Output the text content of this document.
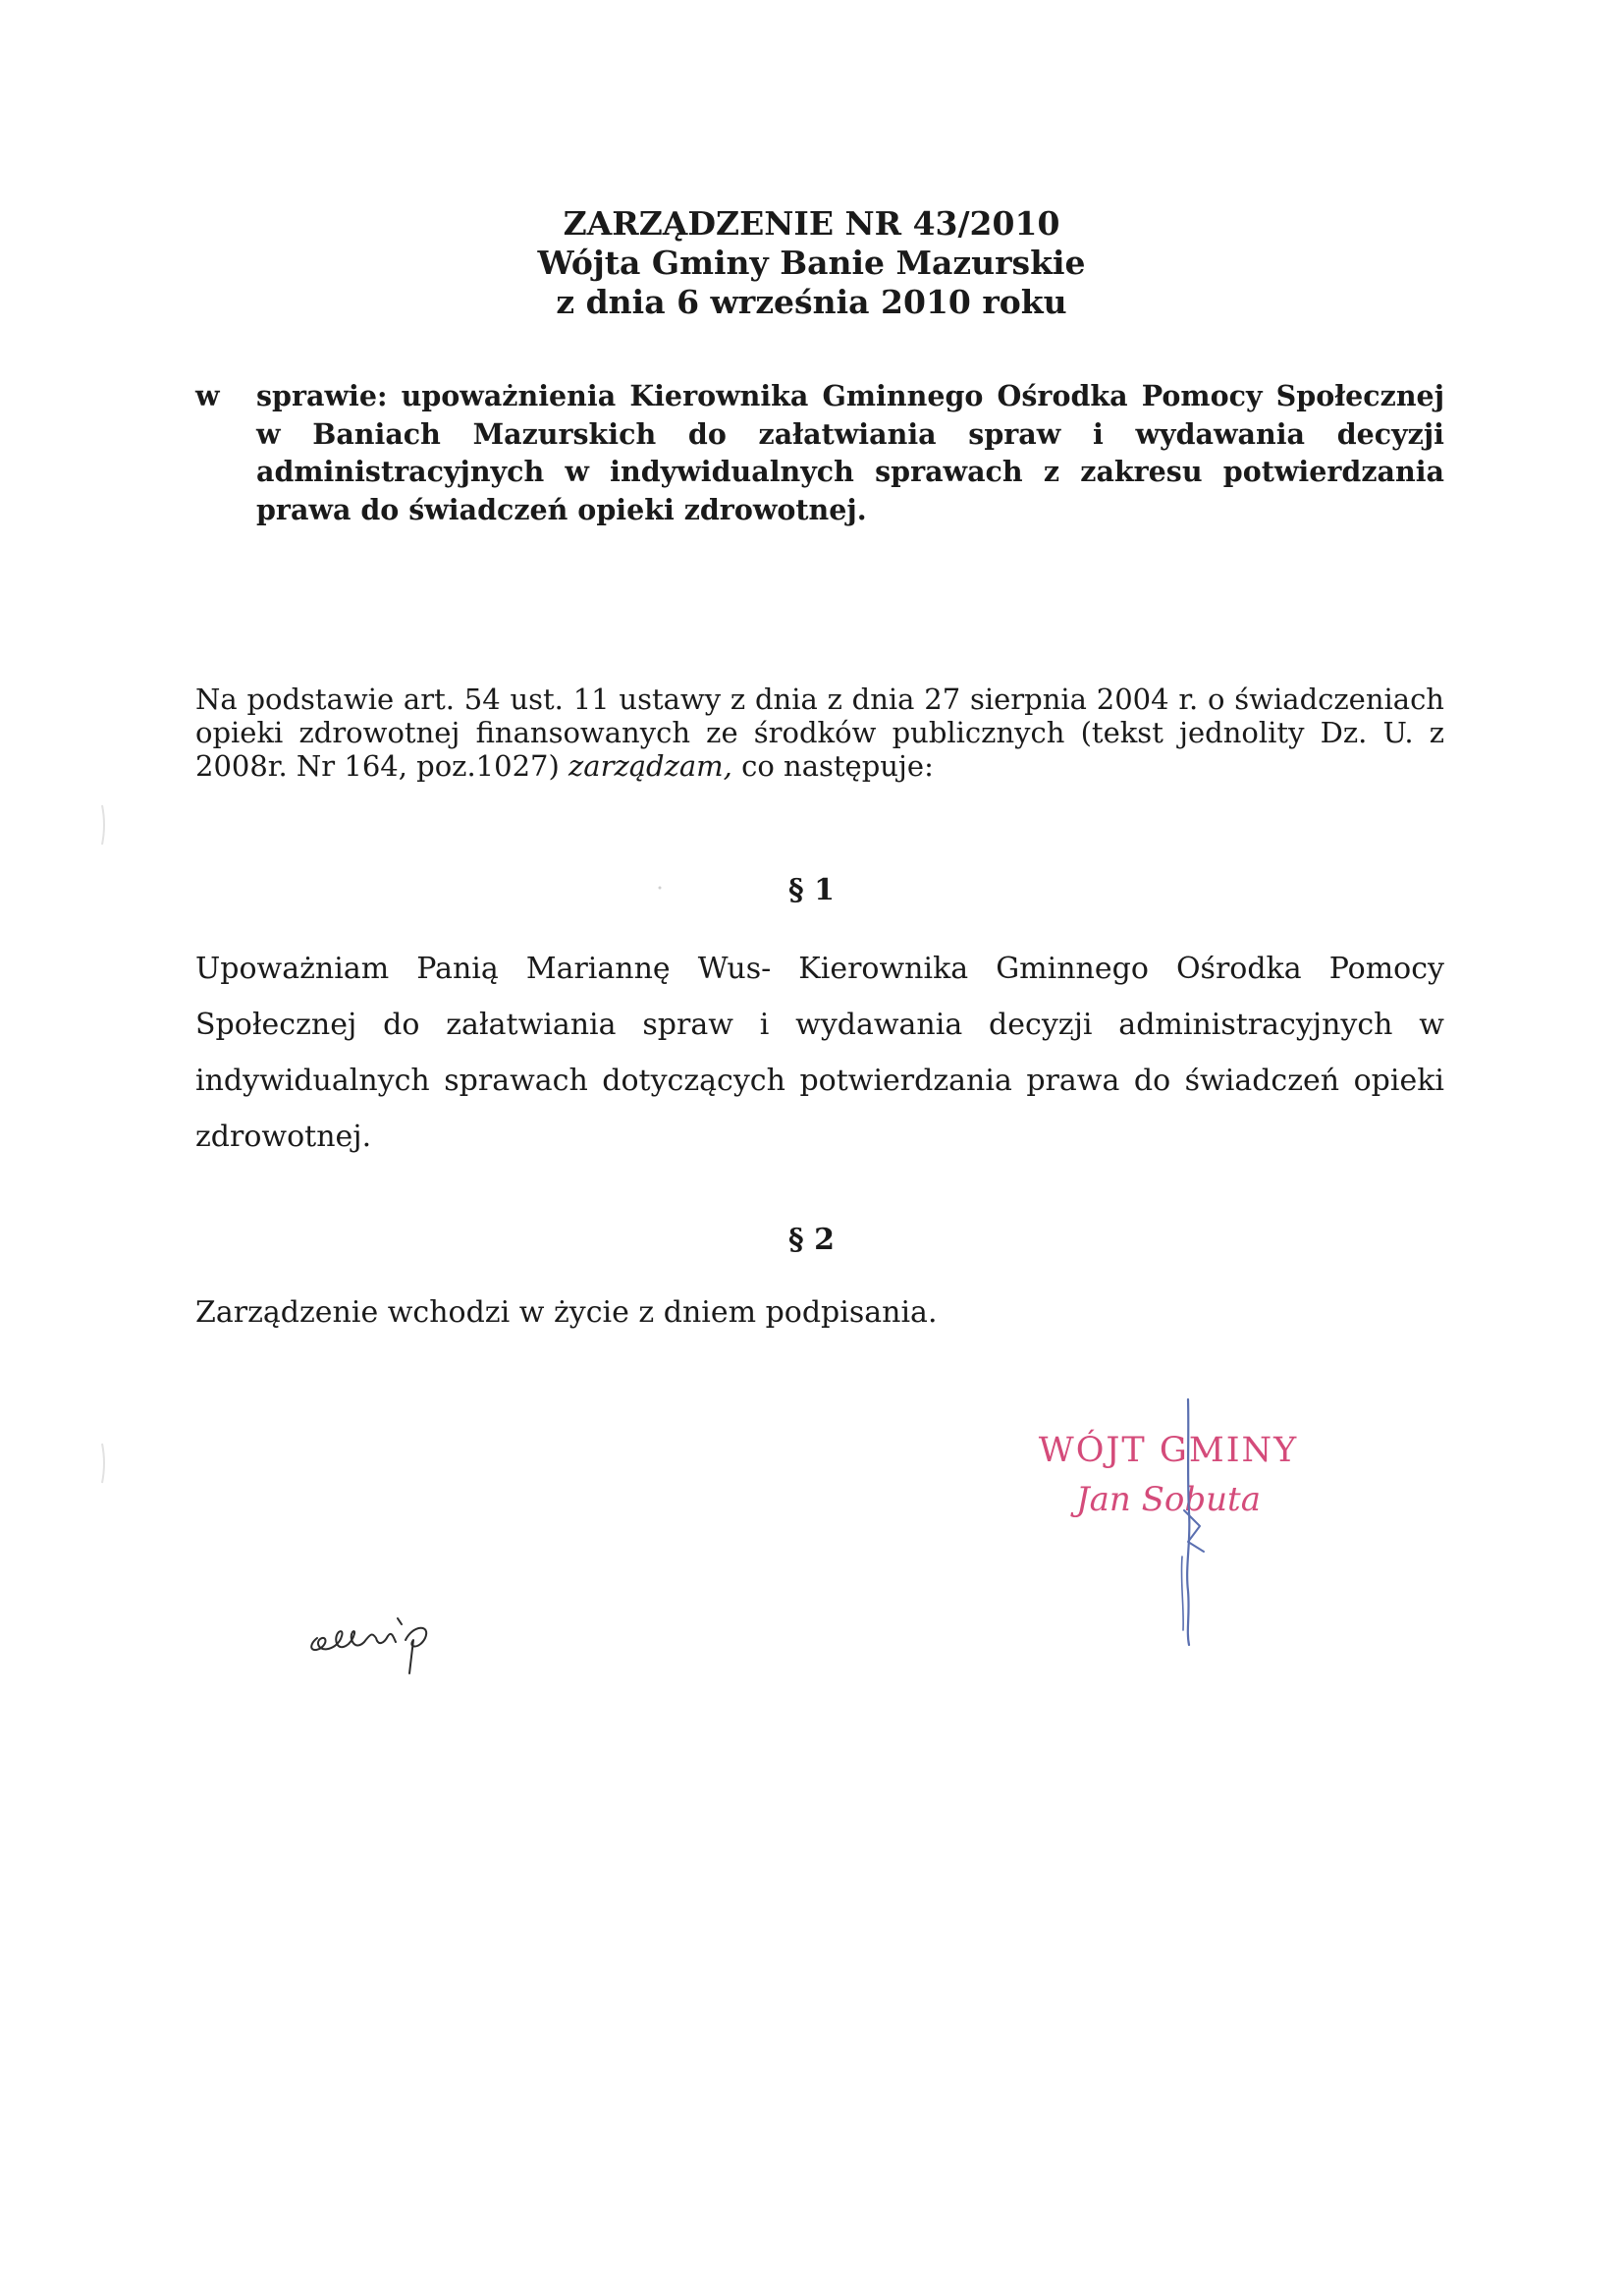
ZARZĄDZENIE NR 43/2010
Wójta Gminy Banie Mazurskie
z dnia 6 września 2010 roku
w sprawie: upoważnienia Kierownika Gminnego Ośrodka Pomocy Społecznej w Baniach Mazurskich do załatwiania spraw i wydawania decyzji administracyjnych w indywidualnych sprawach z zakresu potwierdzania prawa do świadczeń opieki zdrowotnej.
Na podstawie art. 54 ust. 11 ustawy z dnia z dnia 27 sierpnia 2004 r. o świadczeniach opieki zdrowotnej finansowanych ze środków publicznych (tekst jednolity Dz. U. z 2008r. Nr 164, poz.1027) zarządzam, co następuje:
§ 1
Upoważniam Panią Mariannę Wus- Kierownika Gminnego Ośrodka Pomocy Społecznej do załatwiania spraw i wydawania decyzji administracyjnych w indywidualnych sprawach dotyczących potwierdzania prawa do świadczeń opieki zdrowotnej.
§ 2
Zarządzenie wchodzi w życie z dniem podpisania.
WÓJT GMINY
Jan Sobuta
